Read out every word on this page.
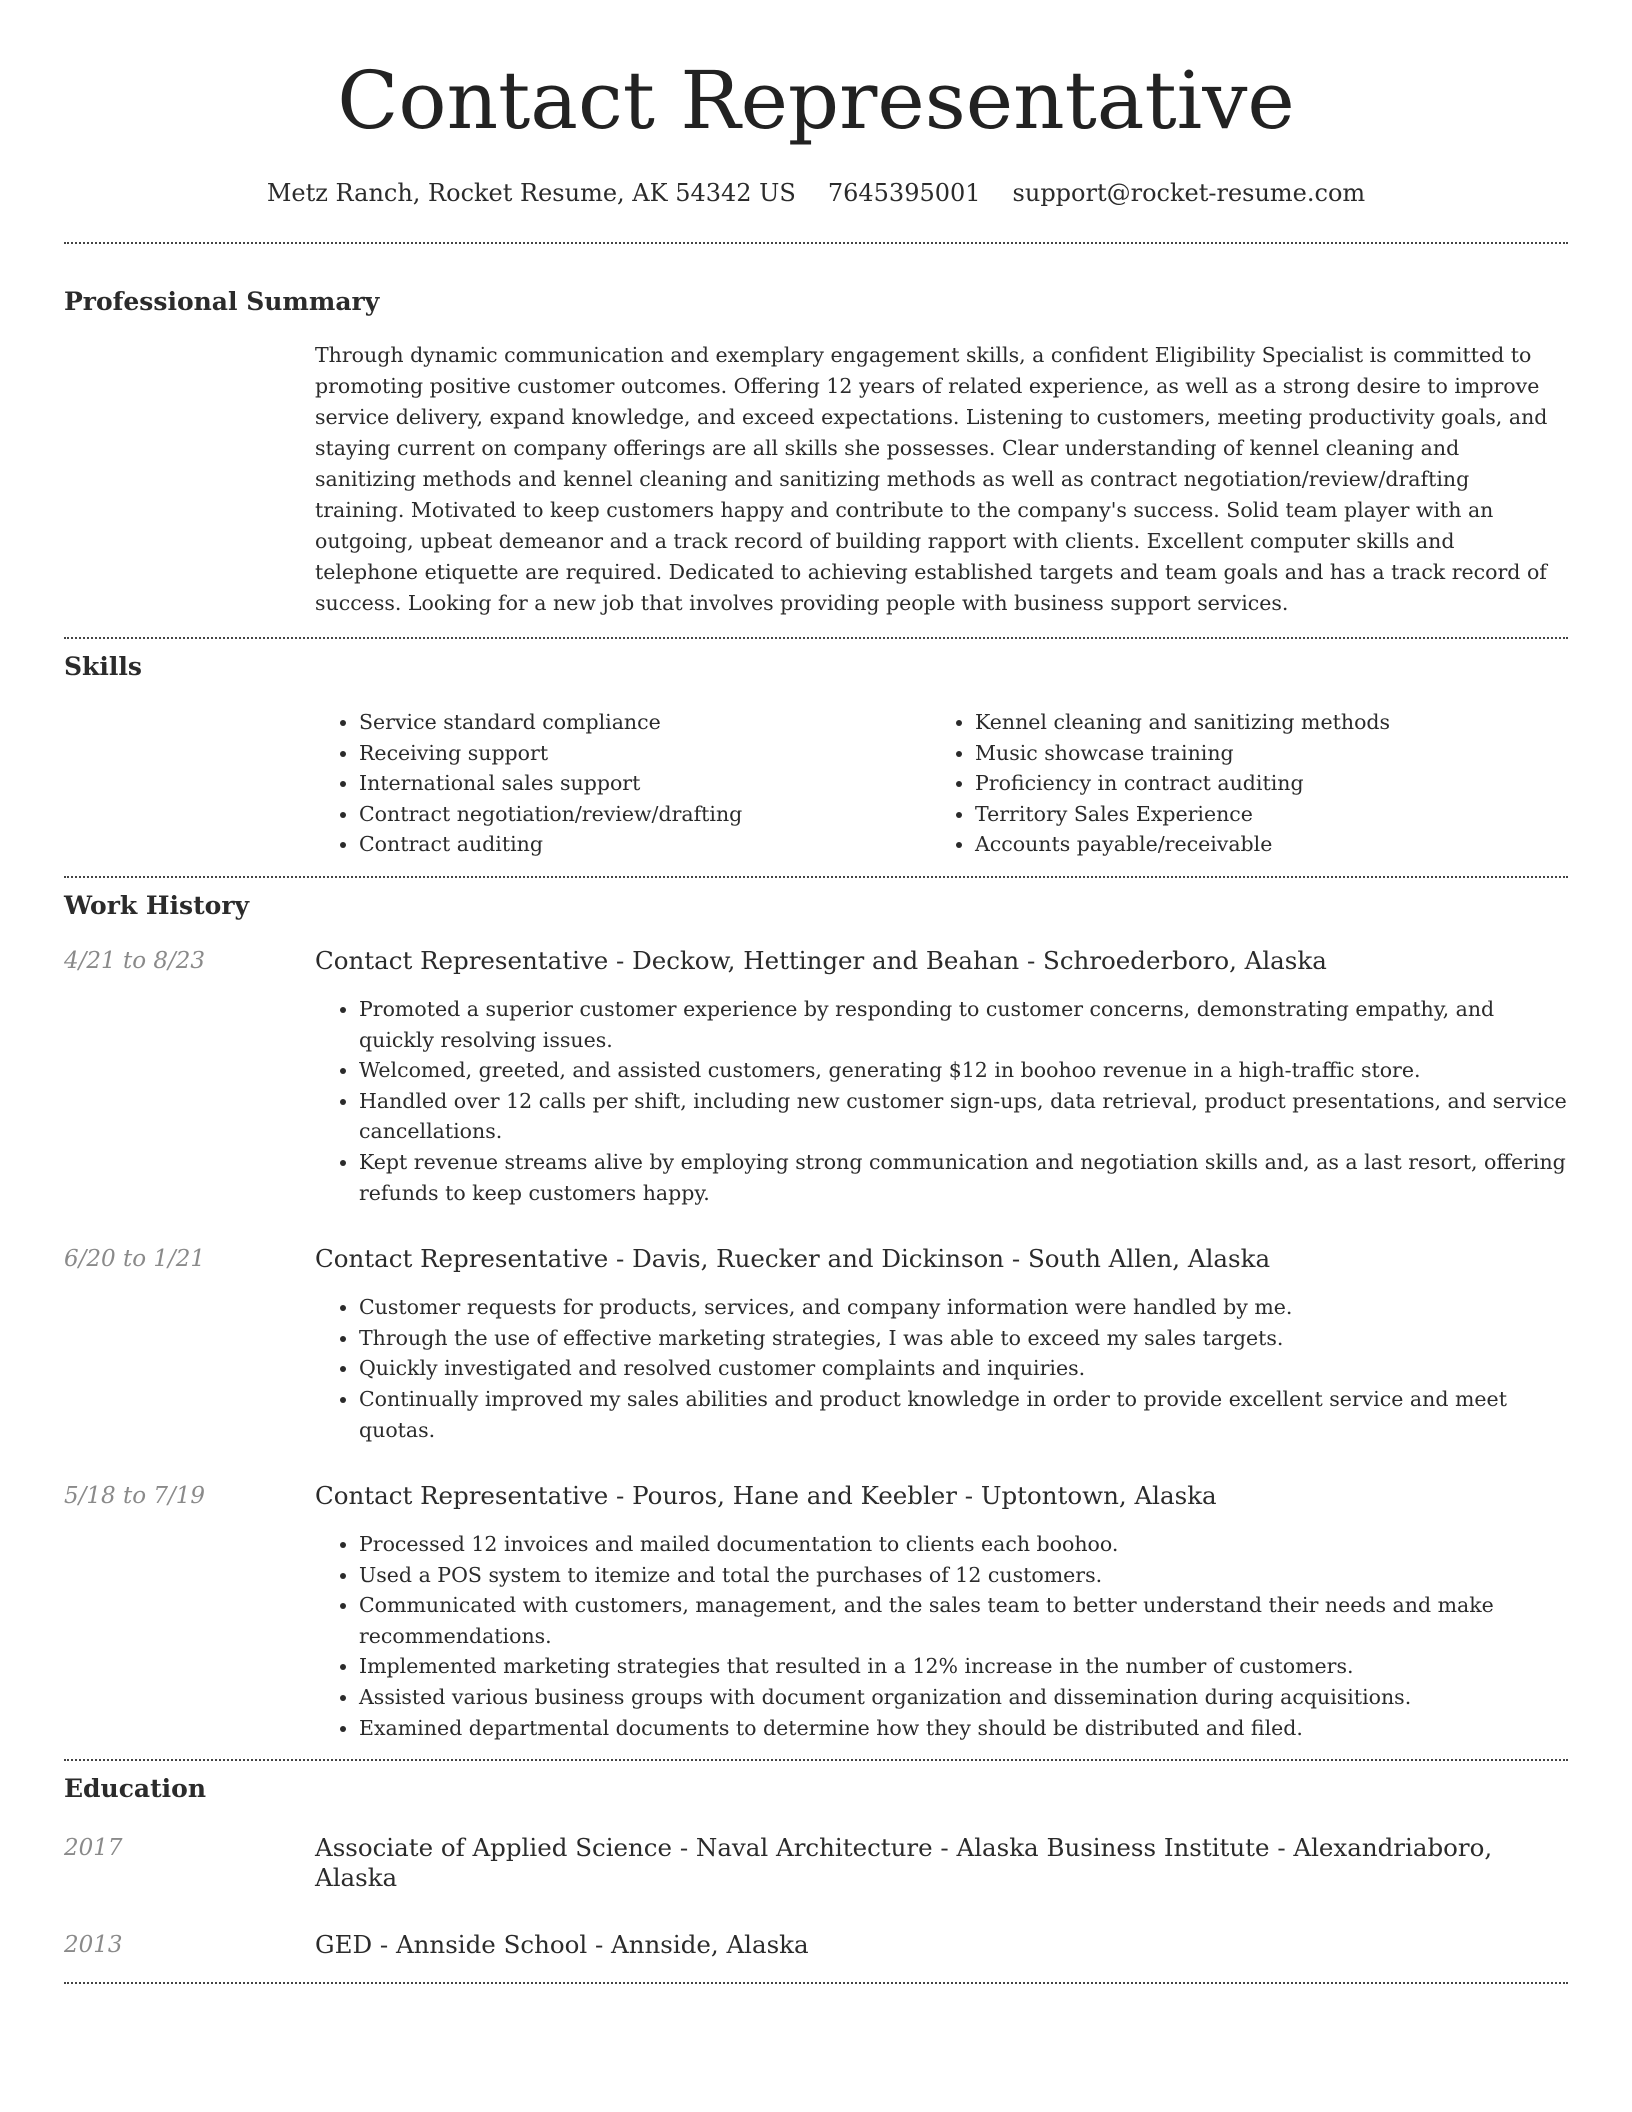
Contact Representative
Metz Ranch, Rocket Resume, AK 54342 US 7645395001 support@rocket-resume.com
Professional Summary
Through dynamic communication and exemplary engagement skills, a confident Eligibility Specialist is committed to promoting positive customer outcomes. Offering 12 years of related experience, as well as a strong desire to improve service delivery, expand knowledge, and exceed expectations. Listening to customers, meeting productivity goals, and staying current on company offerings are all skills she possesses. Clear understanding of kennel cleaning and sanitizing methods and kennel cleaning and sanitizing methods as well as contract negotiation/review/drafting training. Motivated to keep customers happy and contribute to the company's success. Solid team player with an outgoing, upbeat demeanor and a track record of building rapport with clients. Excellent computer skills and telephone etiquette are required. Dedicated to achieving established targets and team goals and has a track record of success. Looking for a new job that involves providing people with business support services.
Skills
• Service standard compliance
• Receiving support
• International sales support
• Contract negotiation/review/drafting
• Contract auditing
• Kennel cleaning and sanitizing methods
• Music showcase training
• Proficiency in contract auditing
• Territory Sales Experience
• Accounts payable/receivable
Work History
4/21 to 8/23	Contact Representative - Deckow, Hettinger and Beahan - Schroederboro, Alaska
• Promoted a superior customer experience by responding to customer concerns, demonstrating empathy, and quickly resolving issues.
• Welcomed, greeted, and assisted customers, generating $12 in boohoo revenue in a high-traffic store.
• Handled over 12 calls per shift, including new customer sign-ups, data retrieval, product presentations, and service cancellations.
• Kept revenue streams alive by employing strong communication and negotiation skills and, as a last resort, offering refunds to keep customers happy.
6/20 to 1/21	Contact Representative - Davis, Ruecker and Dickinson - South Allen, Alaska
• Customer requests for products, services, and company information were handled by me.
• Through the use of effective marketing strategies, I was able to exceed my sales targets.
• Quickly investigated and resolved customer complaints and inquiries.
• Continually improved my sales abilities and product knowledge in order to provide excellent service and meet quotas.
5/18 to 7/19	Contact Representative - Pouros, Hane and Keebler - Uptontown, Alaska
• Processed 12 invoices and mailed documentation to clients each boohoo.
• Used a POS system to itemize and total the purchases of 12 customers.
• Communicated with customers, management, and the sales team to better understand their needs and make recommendations.
• Implemented marketing strategies that resulted in a 12% increase in the number of customers.
• Assisted various business groups with document organization and dissemination during acquisitions.
• Examined departmental documents to determine how they should be distributed and filed.
Education
2017	Associate of Applied Science - Naval Architecture - Alaska Business Institute - Alexandriaboro, Alaska
2013	GED - Annside School - Annside, Alaska
